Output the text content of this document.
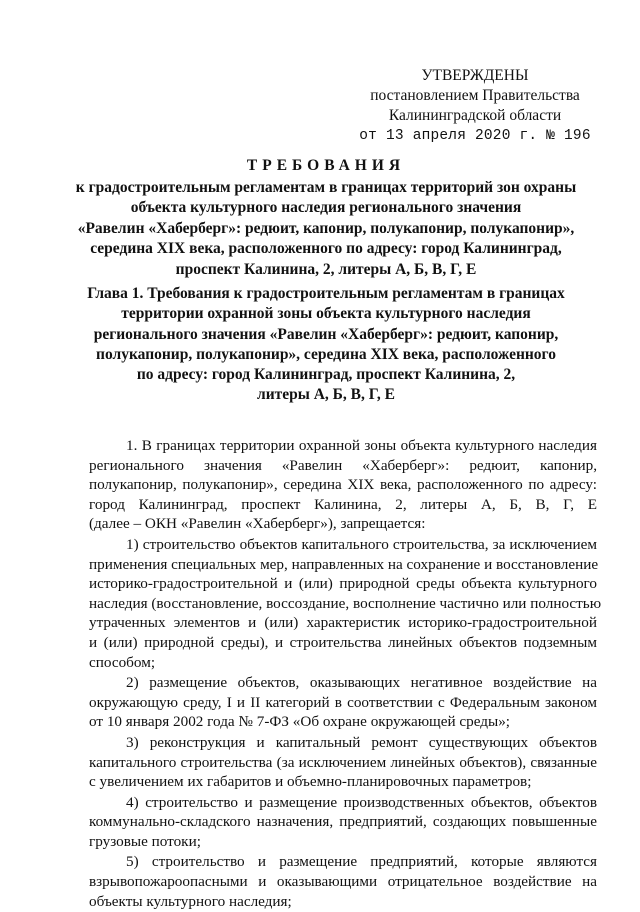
УТВЕРЖДЕНЫ
постановлением Правительства
Калининградской области
от 13 апреля 2020 г. № 196
ТРЕБОВАНИЯ
к градостроительным регламентам в границах территорий зон охраны
объекта культурного наследия регионального значения
«Равелин «Хаберберг»: редюит, капонир, полукапонир, полукапонир»,
середина XIX века, расположенного по адресу: город Калининград,
проспект Калинина, 2, литеры А, Б, В, Г, Е
Глава 1. Требования к градостроительным регламентам в границах
территории охранной зоны объекта культурного наследия
регионального значения «Равелин «Хаберберг»: редюит, капонир,
полукапонир, полукапонир», середина XIX века, расположенного
по адресу: город Калининград, проспект Калинина, 2,
литеры А, Б, В, Г, Е
1. В границах территории охранной зоны объекта культурного наследия
регионального значения «Равелин «Хаберберг»: редюит, капонир,
полукапонир, полукапонир», середина XIX века, расположенного по адресу:
город Калининград, проспект Калинина, 2, литеры А, Б, В, Г, Е
(далее – ОКН «Равелин «Хаберберг»), запрещается:
1) строительство объектов капитального строительства, за исключением
применения специальных мер, направленных на сохранение и восстановление
историко-градостроительной и (или) природной среды объекта культурного
наследия (восстановление, воссоздание, восполнение частично или полностью
утраченных элементов и (или) характеристик историко-градостроительной
и (или) природной среды), и строительства линейных объектов подземным
способом;
2) размещение объектов, оказывающих негативное воздействие на
окружающую среду, I и II категорий в соответствии с Федеральным законом
от 10 января 2002 года № 7-ФЗ «Об охране окружающей среды»;
3) реконструкция и капитальный ремонт существующих объектов
капитального строительства (за исключением линейных объектов), связанные
с увеличением их габаритов и объемно-планировочных параметров;
4) строительство и размещение производственных объектов, объектов
коммунально-складского назначения, предприятий, создающих повышенные
грузовые потоки;
5) строительство и размещение предприятий, которые являются
взрывопожароопасными и оказывающими отрицательное воздействие на
объекты культурного наследия;
